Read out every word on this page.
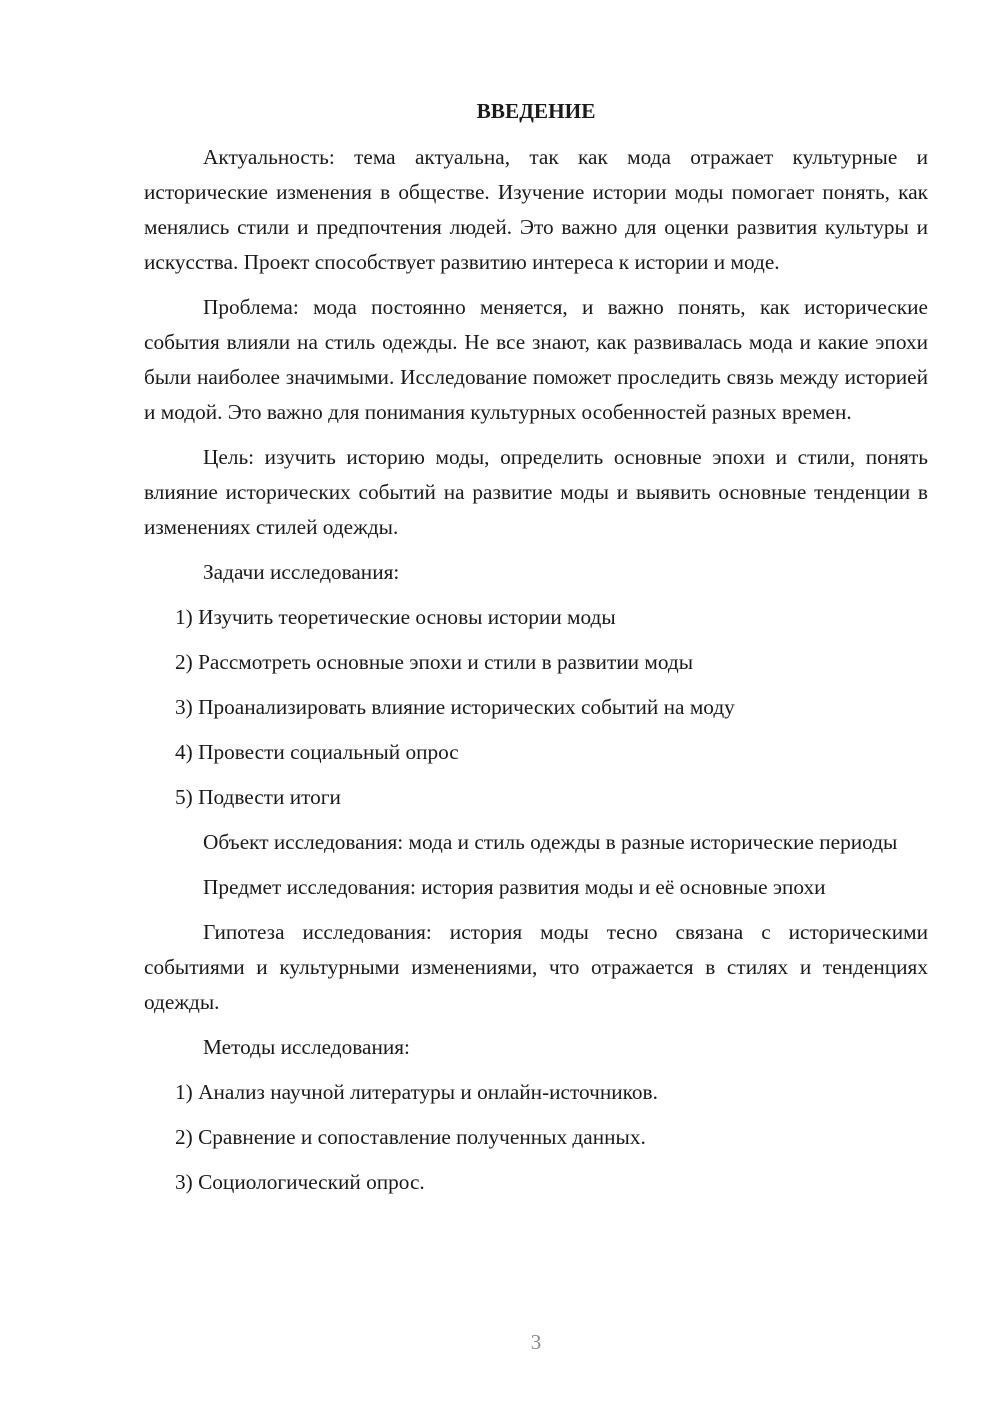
ВВЕДЕНИЕ

Актуальность: тема актуальна, так как мода отражает культурные и исторические изменения в обществе. Изучение истории моды помогает понять, как менялись стили и предпочтения людей. Это важно для оценки развития культуры и искусства. Проект способствует развитию интереса к истории и моде.

Проблема: мода постоянно меняется, и важно понять, как исторические события влияли на стиль одежды. Не все знают, как развивалась мода и какие эпохи были наиболее значимыми. Исследование поможет проследить связь между историей и модой. Это важно для понимания культурных особенностей разных времен.

Цель: изучить историю моды, определить основные эпохи и стили, понять влияние исторических событий на развитие моды и выявить основные тенденции в изменениях стилей одежды.

Задачи исследования:

1) Изучить теоретические основы истории моды

2) Рассмотреть основные эпохи и стили в развитии моды

3) Проанализировать влияние исторических событий на моду

4) Провести социальный опрос

5) Подвести итоги

Объект исследования: мода и стиль одежды в разные исторические периоды

Предмет исследования: история развития моды и её основные эпохи

Гипотеза исследования: история моды тесно связана с историческими событиями и культурными изменениями, что отражается в стилях и тенденциях одежды.

Методы исследования:

1) Анализ научной литературы и онлайн-источников.

2) Сравнение и сопоставление полученных данных.

3) Социологический опрос.

3
